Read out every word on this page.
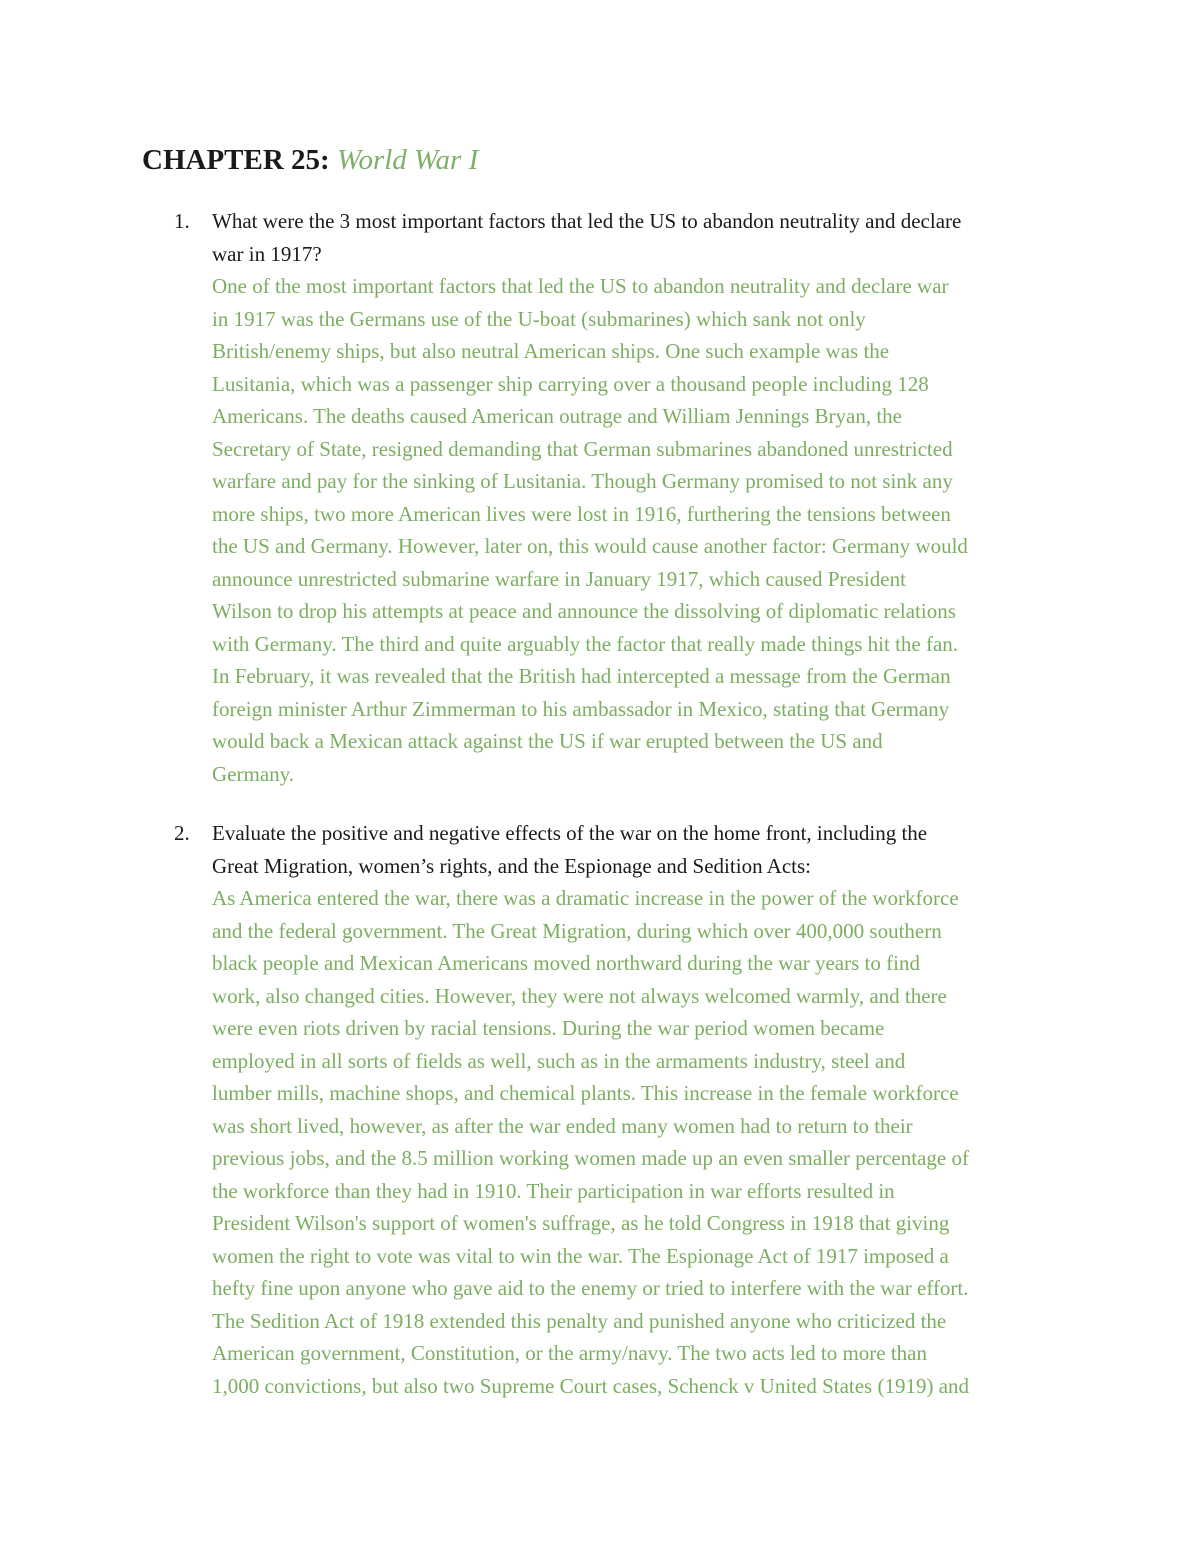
CHAPTER 25: World War I
1. What were the 3 most important factors that led the US to abandon neutrality and declare
war in 1917?

One of the most important factors that led the US to abandon neutrality and declare war
in 1917 was the Germans use of the U-boat (submarines) which sank not only
British/enemy ships, but also neutral American ships. One such example was the
Lusitania, which was a passenger ship carrying over a thousand people including 128
Americans. The deaths caused American outrage and William Jennings Bryan, the
Secretary of State, resigned demanding that German submarines abandoned unrestricted
warfare and pay for the sinking of Lusitania. Though Germany promised to not sink any
more ships, two more American lives were lost in 1916, furthering the tensions between
the US and Germany. However, later on, this would cause another factor: Germany would
announce unrestricted submarine warfare in January 1917, which caused President
Wilson to drop his attempts at peace and announce the dissolving of diplomatic relations
with Germany. The third and quite arguably the factor that really made things hit the fan.
In February, it was revealed that the British had intercepted a message from the German
foreign minister Arthur Zimmerman to his ambassador in Mexico, stating that Germany
would back a Mexican attack against the US if war erupted between the US and
Germany.

2. Evaluate the positive and negative effects of the war on the home front, including the
Great Migration, women’s rights, and the Espionage and Sedition Acts:

As America entered the war, there was a dramatic increase in the power of the workforce
and the federal government. The Great Migration, during which over 400,000 southern
black people and Mexican Americans moved northward during the war years to find
work, also changed cities. However, they were not always welcomed warmly, and there
were even riots driven by racial tensions. During the war period women became
employed in all sorts of fields as well, such as in the armaments industry, steel and
lumber mills, machine shops, and chemical plants. This increase in the female workforce
was short lived, however, as after the war ended many women had to return to their
previous jobs, and the 8.5 million working women made up an even smaller percentage of
the workforce than they had in 1910. Their participation in war efforts resulted in
President Wilson's support of women's suffrage, as he told Congress in 1918 that giving
women the right to vote was vital to win the war. The Espionage Act of 1917 imposed a
hefty fine upon anyone who gave aid to the enemy or tried to interfere with the war effort.
The Sedition Act of 1918 extended this penalty and punished anyone who criticized the
American government, Constitution, or the army/navy. The two acts led to more than
1,000 convictions, but also two Supreme Court cases, Schenck v United States (1919) and
